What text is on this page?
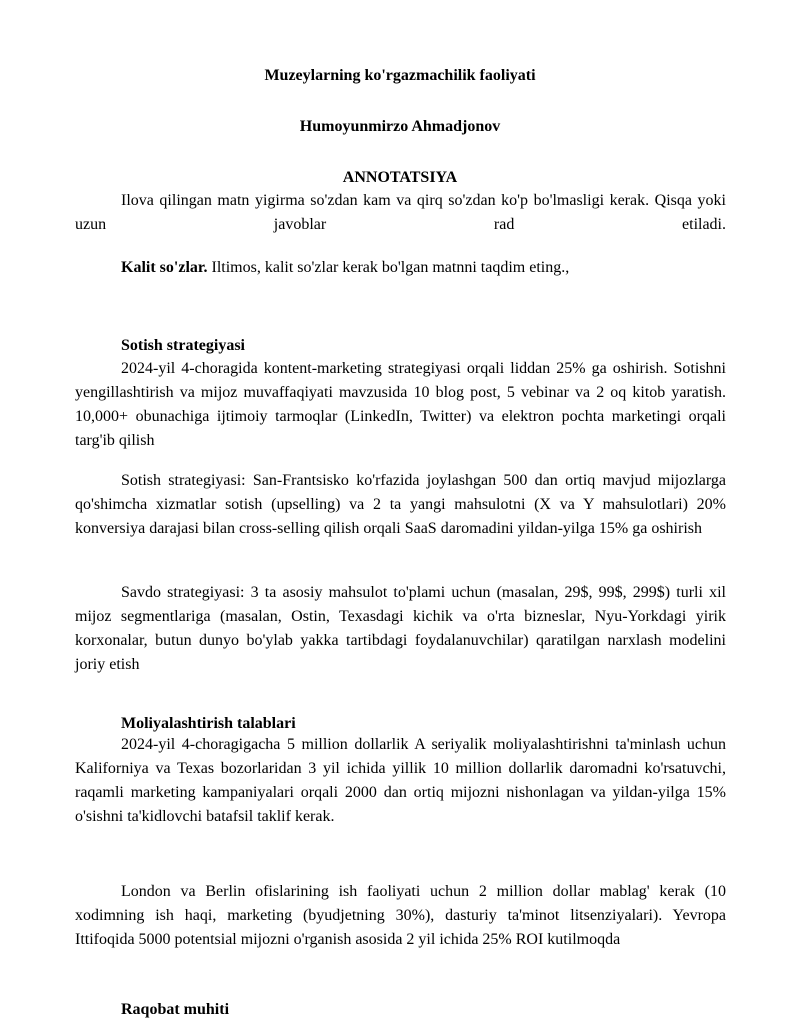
Muzeylarning ko'rgazmachilik faoliyati
Humoyunmirzo Ahmadjonov
ANNOTATSIYA

Ilova qilingan matn yigirma so'zdan kam va qirq so'zdan ko'p bo'lmasligi kerak. Qisqa yoki uzun javoblar rad etiladi.

Kalit so'zlar. Iltimos, kalit so'zlar kerak bo'lgan matnni taqdim eting.,
Sotish strategiyasi

2024-yil 4-choragida kontent-marketing strategiyasi orqali liddan 25% ga oshirish. Sotishni yengillashtirish va mijoz muvaffaqiyati mavzusida 10 blog post, 5 vebinar va 2 oq kitob yaratish. 10,000+ obunachiga ijtimoiy tarmoqlar (LinkedIn, Twitter) va elektron pochta marketingi orqali targ'ib qilish

Sotish strategiyasi: San-Frantsisko ko'rfazida joylashgan 500 dan ortiq mavjud mijozlarga qo'shimcha xizmatlar sotish (upselling) va 2 ta yangi mahsulotni (X va Y mahsulotlari) 20% konversiya darajasi bilan cross-selling qilish orqali SaaS daromadini yildan-yilga 15% ga oshirish

Savdo strategiyasi: 3 ta asosiy mahsulot to'plami uchun (masalan, 29$, 99$, 299$) turli xil mijoz segmentlariga (masalan, Ostin, Texasdagi kichik va o'rta bizneslar, Nyu-Yorkdagi yirik korxonalar, butun dunyo bo'ylab yakka tartibdagi foydalanuvchilar) qaratilgan narxlash modelini joriy etish

Moliyalashtirish talablari

2024-yil 4-choragigacha 5 million dollarlik A seriyalik moliyalashtirishni ta'minlash uchun Kaliforniya va Texas bozorlaridan 3 yil ichida yillik 10 million dollarlik daromadni ko'rsatuvchi, raqamli marketing kampaniyalari orqali 2000 dan ortiq mijozni nishonlagan va yildan-yilga 15% o'sishni ta'kidlovchi batafsil taklif kerak.

London va Berlin ofislarining ish faoliyati uchun 2 million dollar mablag' kerak (10 xodimning ish haqi, marketing (byudjetning 30%), dasturiy ta'minot litsenziyalari). Yevropa Ittifoqida 5000 potentsial mijozni o'rganish asosida 2 yil ichida 25% ROI kutilmoqda

Raqobat muhiti
